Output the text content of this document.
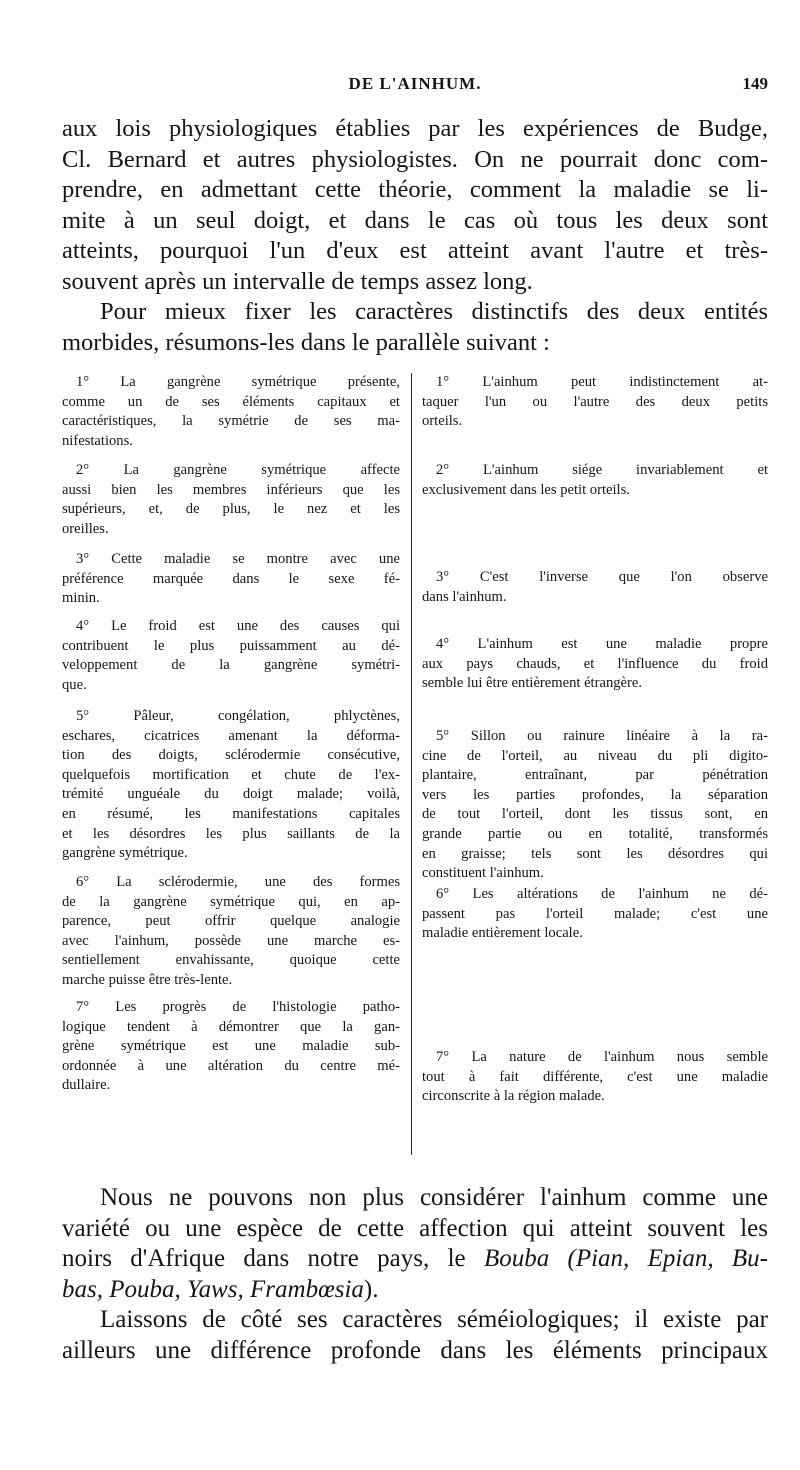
DE L'AINHUM.	149
aux lois physiologiques établies par les expériences de Budge,
Cl. Bernard et autres physiologistes. On ne pourrait donc com-
prendre, en admettant cette théorie, comment la maladie se li-
mite à un seul doigt, et dans le cas où tous les deux sont
atteints, pourquoi l'un d'eux est atteint avant l'autre et très-
souvent après un intervalle de temps assez long.
Pour mieux fixer les caractères distinctifs des deux entités
morbides, résumons-les dans le parallèle suivant :
1° La gangrène symétrique présente,
comme un de ses éléments capitaux et
caractéristiques, la symétrie de ses ma-
nifestations.
2° La gangrène symétrique affecte
aussi bien les membres inférieurs que les
supérieurs, et, de plus, le nez et les
oreilles.
3° Cette maladie se montre avec une
préférence marquée dans le sexe fé-
minin.
4° Le froid est une des causes qui
contribuent le plus puissamment au dé-
veloppement de la gangrène symétri-
que.
5° Pâleur, congélation, phlyctènes,
eschares, cicatrices amenant la déforma-
tion des doigts, sclérodermie consécutive,
quelquefois mortification et chute de l'ex-
trémité unguéale du doigt malade; voilà,
en résumé, les manifestations capitales
et les désordres les plus saillants de la
gangrène symétrique.
6° La sclérodermie, une des formes
de la gangrène symétrique qui, en ap-
parence, peut offrir quelque analogie
avec l'ainhum, possède une marche es-
sentiellement envahissante, quoique cette
marche puisse être très-lente.
7° Les progrès de l'histologie patho-
logique tendent à démontrer que la gan-
grène symétrique est une maladie sub-
ordonnée à une altération du centre mé-
dullaire.
1° L'ainhum peut indistinctement at-
taquer l'un ou l'autre des deux petits
orteils.
2° L'ainhum siége invariablement et
exclusivement dans les petit orteils.
3° C'est l'inverse que l'on observe
dans l'ainhum.
4° L'ainhum est une maladie propre
aux pays chauds, et l'influence du froid
semble lui être entièrement étrangère.
5° Sillon ou rainure linéaire à la ra-
cine de l'orteil, au niveau du pli digito-
plantaire, entraînant, par pénétration
vers les parties profondes, la séparation
de tout l'orteil, dont les tissus sont, en
grande partie ou en totalité, transformés
en graisse; tels sont les désordres qui
constituent l'ainhum.
6° Les altérations de l'ainhum ne dé-
passent pas l'orteil malade; c'est une
maladie entièrement locale.
7° La nature de l'ainhum nous semble
tout à fait différente, c'est une maladie
circonscrite à la région malade.
Nous ne pouvons non plus considérer l'ainhum comme une
variété ou une espèce de cette affection qui atteint souvent les
noirs d'Afrique dans notre pays, le Bouba (Pian, Epian, Bu-
bas, Pouba, Yaws, Frambœsia).
Laissons de côté ses caractères séméiologiques; il existe par
ailleurs une différence profonde dans les éléments principaux
